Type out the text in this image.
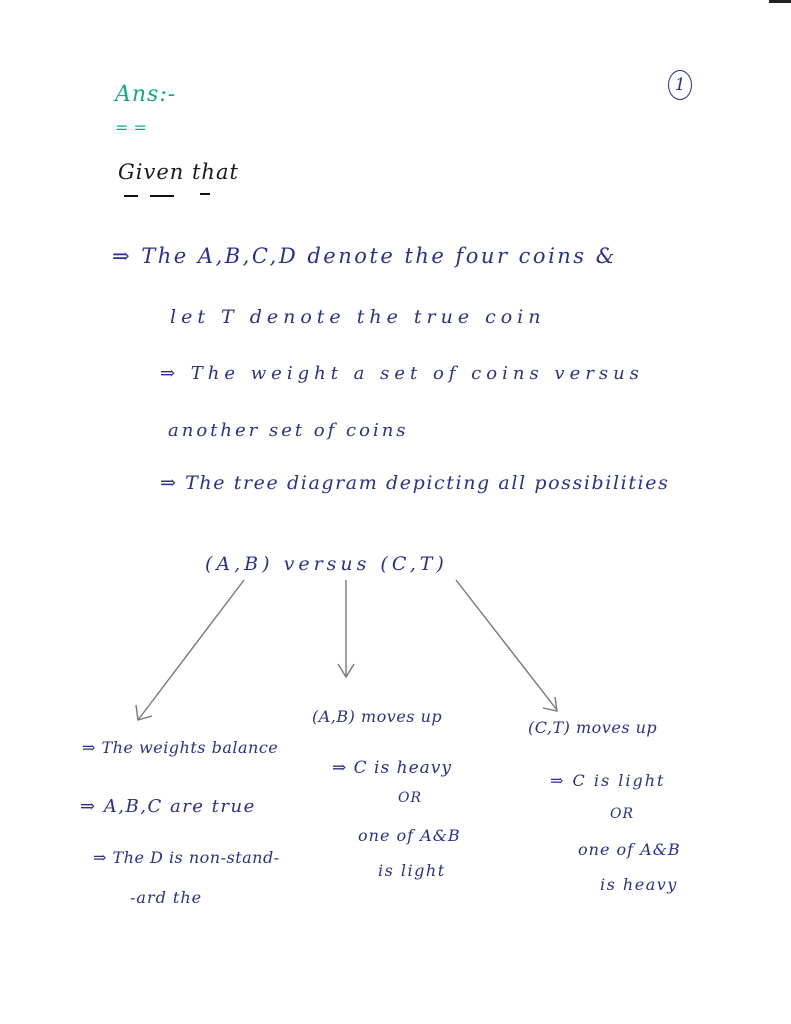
1
Ans:-
= =
Given that
⇒ The A,B,C,D denote the four coins &
let T denote the true coin
⇒ The weight a set of coins versus
another set of coins
⇒ The tree diagram depicting all possibilities
(A,B) versus (C,T)
⇒ The weights balance
⇒ A,B,C are true
⇒ The D is non-stand-
-ard the
(A,B) moves up
⇒ C is heavy
OR
one of A&B
is light
(C,T) moves up
⇒ C is light
OR
one of A&B
is heavy
